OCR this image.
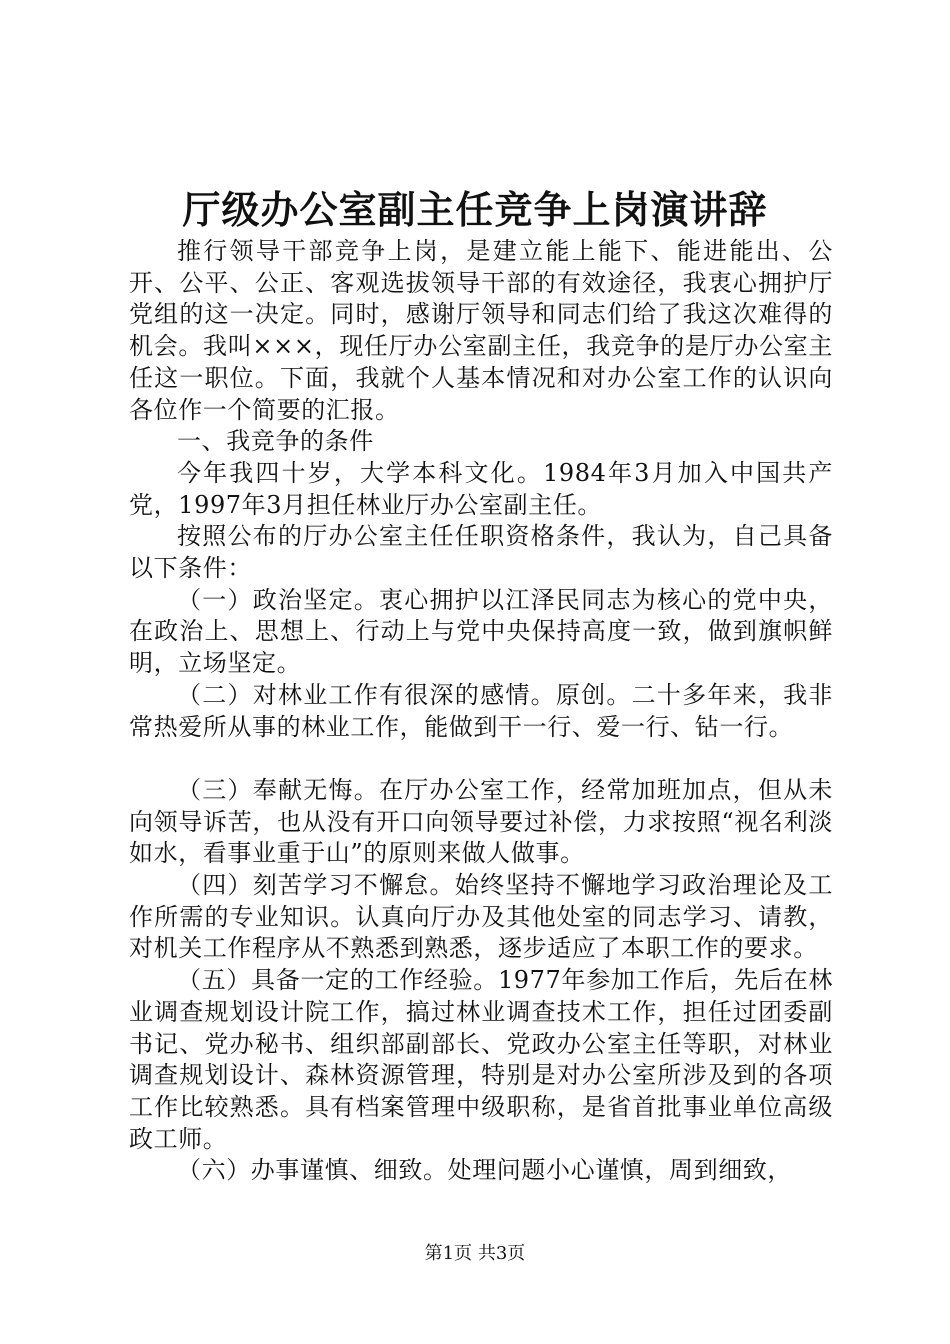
厅级办公室副主任竞争上岗演讲辞

推行领导干部竞争上岗，是建立能上能下、能进能出、公开、公平、公正、客观选拔领导干部的有效途径，我衷心拥护厅党组的这一决定。同时，感谢厅领导和同志们给了我这次难得的机会。我叫×××，现任厅办公室副主任，我竞争的是厅办公室主任这一职位。下面，我就个人基本情况和对办公室工作的认识向各位作一个简要的汇报。

一、我竞争的条件

今年我四十岁，大学本科文化。1984年3月加入中国共产党，1997年3月担任林业厅办公室副主任。

按照公布的厅办公室主任任职资格条件，我认为，自己具备以下条件：

（一）政治坚定。衷心拥护以江泽民同志为核心的党中央，在政治上、思想上、行动上与党中央保持高度一致，做到旗帜鲜明，立场坚定。

（二）对林业工作有很深的感情。原创。二十多年来，我非常热爱所从事的林业工作，能做到干一行、爱一行、钻一行。

（三）奉献无悔。在厅办公室工作，经常加班加点，但从未向领导诉苦，也从没有开口向领导要过补偿，力求按照“视名利淡如水，看事业重于山”的原则来做人做事。

（四）刻苦学习不懈怠。始终坚持不懈地学习政治理论及工作所需的专业知识。认真向厅办及其他处室的同志学习、请教，对机关工作程序从不熟悉到熟悉，逐步适应了本职工作的要求。

（五）具备一定的工作经验。1977年参加工作后，先后在林业调查规划设计院工作，搞过林业调查技术工作，担任过团委副书记、党办秘书、组织部副部长、党政办公室主任等职，对林业调查规划设计、森林资源管理，特别是对办公室所涉及到的各项工作比较熟悉。具有档案管理中级职称，是省首批事业单位高级政工师。

（六）办事谨慎、细致。处理问题小心谨慎，周到细致，

第1页 共3页
